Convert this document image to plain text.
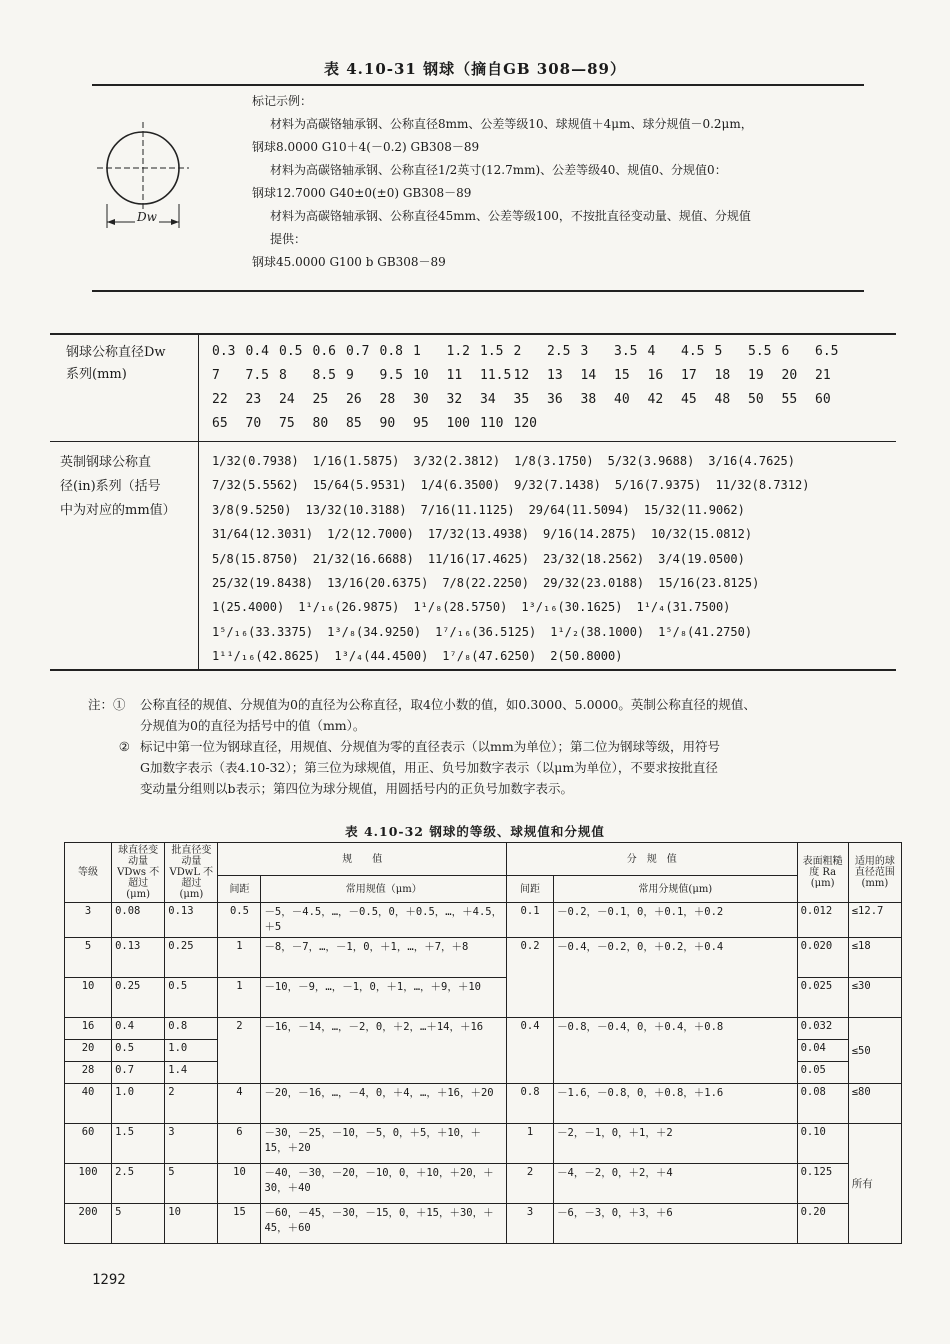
表 4.10-31 钢球（摘自GB 308—89）
Dw
标记示例：
材料为高碳铬轴承钢、公称直径8mm、公差等级10、球规值＋4μm、球分规值－0.2μm，
钢球8.0000 G10＋4(－0.2) GB308－89
材料为高碳铬轴承钢、公称直径1/2英寸(12.7mm)、公差等级40、规值0、分规值0：
钢球12.7000 G40±0(±0) GB308－89
材料为高碳铬轴承钢、公称直径45mm、公差等级100，不按批直径变动量、规值、分规值
提供：
钢球45.0000 G100 b GB308－89
钢球公称直径Dw
系列(mm)
0.3 0.4 0.5 0.6 0.7 0.8 1	1.2 1.5 2	2.5 3	3.5 4	4.5 5	5.5 6	6.5
7	7.5 8	8.5 9	9.5 10	11	11.5 12	13	14	15	16	17	18	19	20	21
22	23	24	25	26	28	30	32	34	35	36	38	40	42	45	48	50	55	60
65	70	75	80	85	90	95	100 110 120
英制钢球公称直
径(in)系列（括号
中为对应的mm值）
1/32(0.7938) 1/16(1.5875) 3/32(2.3812) 1/8(3.1750) 5/32(3.9688) 3/16(4.7625)
7/32(5.5562) 15/64(5.9531) 1/4(6.3500) 9/32(7.1438) 5/16(7.9375) 11/32(8.7312)
3/8(9.5250) 13/32(10.3188) 7/16(11.1125) 29/64(11.5094) 15/32(11.9062)
31/64(12.3031) 1/2(12.7000) 17/32(13.4938) 9/16(14.2875) 10/32(15.0812)
5/8(15.8750) 21/32(16.6688) 11/16(17.4625) 23/32(18.2562) 3/4(19.0500)
25/32(19.8438) 13/16(20.6375) 7/8(22.2250) 29/32(23.0188) 15/16(23.8125)
1(25.4000) 1¹/₁₆(26.9875) 1¹/₈(28.5750) 1³/₁₆(30.1625) 1¹/₄(31.7500)
1⁵/₁₆(33.3375) 1³/₈(34.9250) 1⁷/₁₆(36.5125) 1¹/₂(38.1000) 1⁵/₈(41.2750)
1¹¹/₁₆(42.8625) 1³/₄(44.4500) 1⁷/₈(47.6250) 2(50.8000)
注：①	公称直径的规值、分规值为0的直径为公称直径，取4位小数的值，如0.3000、5.0000。英制公称直径的规值、
分规值为0的直径为括号中的值（mm）。
② 标记中第一位为钢球直径，用规值、分规值为零的直径表示（以mm为单位）；第二位为钢球等级，用符号
G加数字表示（表4.10-32）；第三位为球规值，用正、负号加数字表示（以μm为单位），不要求按批直径
变动量分组则以b表示；第四位为球分规值，用圆括号内的正负号加数字表示。
表 4.10-32 钢球的等级、球规值和分规值
等级	球直径变动量 VDws 不超过 (μm)	批直径变动量 VDwL 不超过 (μm)	规　　值		分　规　值		表面粗糙度 Ra (μm)	适用的球直径范围 (mm)
			间距	常用规值（μm）	间距	常用分规值(μm)		
3	0.08	0.13	0.5	－5，－4.5，…，－0.5，0，＋0.5，…，＋4.5，＋5	0.1	－0.2，－0.1，0，＋0.1，＋0.2	0.012	≤12.7
5	0.13	0.25	1	－8，－7，…，－1，0，＋1，…，＋7，＋8	0.2	－0.4，－0.2，0，＋0.2，＋0.4	0.020	≤18
10	0.25	0.5	1	－10，－9，…，－1，0，＋1，…，＋9，＋10			0.025	≤30
16	0.4	0.8	2	－16，－14，…，－2，0，＋2，…＋14，＋16	0.4	－0.8，－0.4，0，＋0.4，＋0.8	0.032	≤50
20	0.5	1.0					0.04	
28	0.7	1.4					0.05	
40	1.0	2	4	－20，－16，…，－4，0，＋4，…，＋16，＋20	0.8	－1.6，－0.8，0，＋0.8，＋1.6	0.08	≤80
60	1.5	3	6	－30，－25，－10，－5，0，＋5，＋10，＋15，＋20	1	－2，－1，0，＋1，＋2	0.10	所有
100	2.5	5	10	－40，－30，－20，－10，0，＋10，＋20，＋30，＋40	2	－4，－2，0，＋2，＋4	0.125	
200	5	10	15	－60，－45，－30，－15，0，＋15，＋30，＋45，＋60	3	－6，－3，0，＋3，＋6	0.20	
1292
